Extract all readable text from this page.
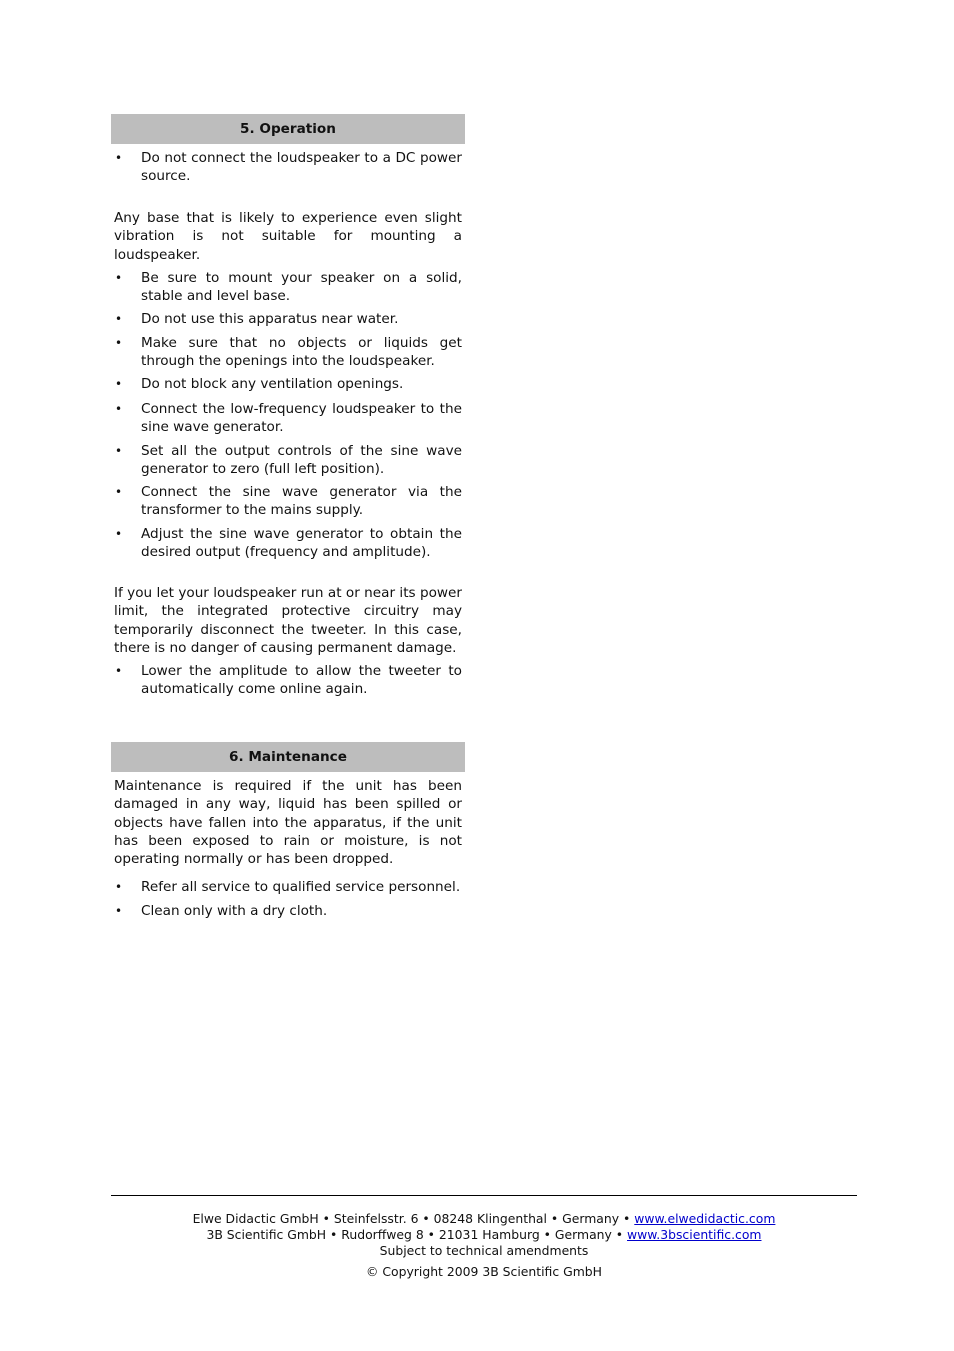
5. Operation
• Do not connect the loudspeaker to a DC power source.

Any base that is likely to experience even slight vibration is not suitable for mounting a loudspeaker.

• Be sure to mount your speaker on a solid, stable and level base.
• Do not use this apparatus near water.
• Make sure that no objects or liquids get through the openings into the loudspeaker.
• Do not block any ventilation openings.
• Connect the low-frequency loudspeaker to the sine wave generator.
• Set all the output controls of the sine wave generator to zero (full left position).
• Connect the sine wave generator via the transformer to the mains supply.
• Adjust the sine wave generator to obtain the desired output (frequency and amplitude).

If you let your loudspeaker run at or near its power limit, the integrated protective circuitry may temporarily disconnect the tweeter. In this case, there is no danger of causing permanent damage.

• Lower the amplitude to allow the tweeter to automatically come online again.
6. Maintenance

Maintenance is required if the unit has been damaged in any way, liquid has been spilled or objects have fallen into the apparatus, if the unit has been exposed to rain or moisture, is not operating normally or has been dropped.

• Refer all service to qualified service personnel.
• Clean only with a dry cloth.
Elwe Didactic GmbH • Steinfelsstr. 6 • 08248 Klingenthal • Germany • www.elwedidactic.com
3B Scientific GmbH • Rudorffweg 8 • 21031 Hamburg • Germany • www.3bscientific.com
Subject to technical amendments
© Copyright 2009 3B Scientific GmbH
